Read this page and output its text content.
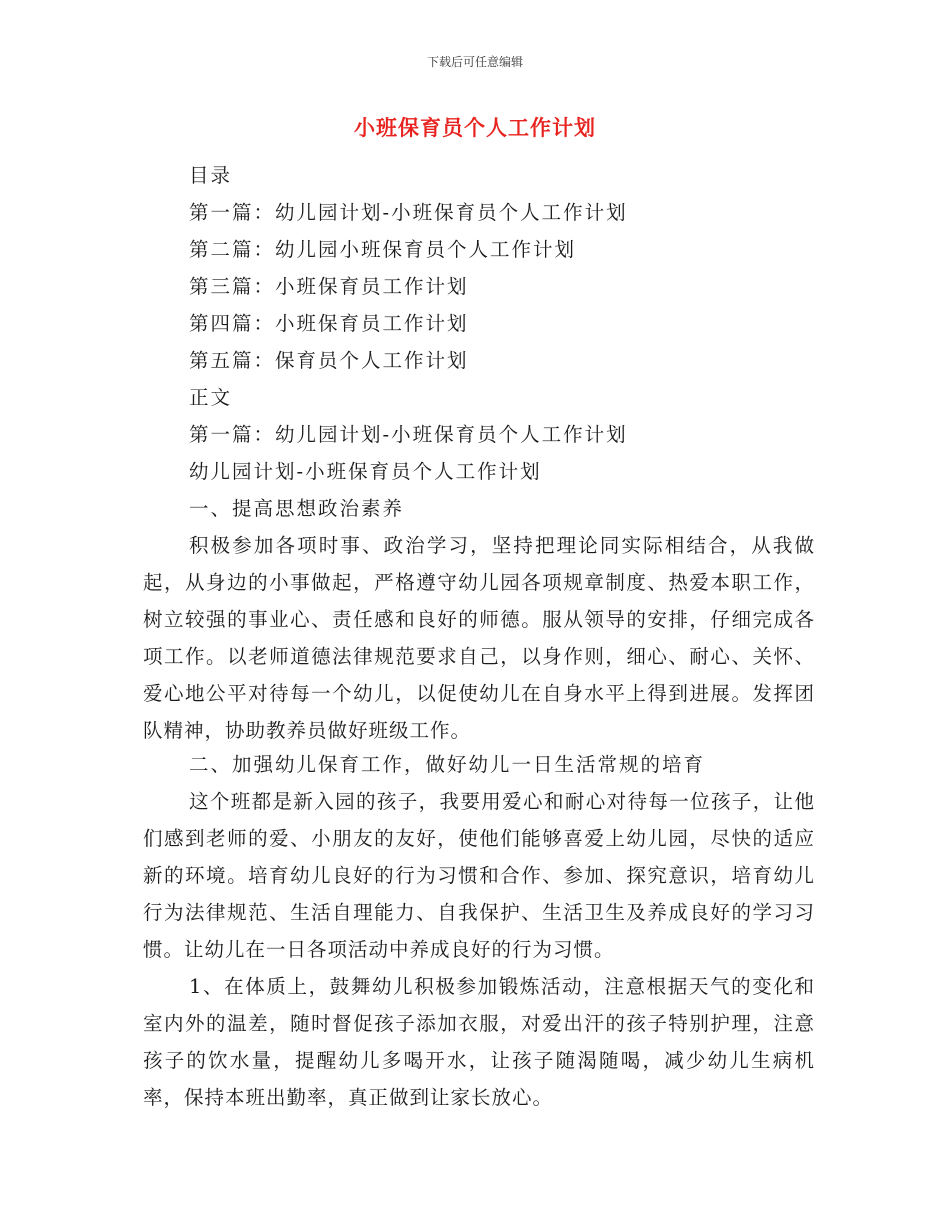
下载后可任意编辑
小班保育员个人工作计划
目录
第一篇：幼儿园计划-小班保育员个人工作计划
第二篇：幼儿园小班保育员个人工作计划
第三篇：小班保育员工作计划
第四篇：小班保育员工作计划
第五篇：保育员个人工作计划
正文
第一篇：幼儿园计划-小班保育员个人工作计划
幼儿园计划-小班保育员个人工作计划
一、提高思想政治素养
积极参加各项时事、政治学习，坚持把理论同实际相结合，从我做起，从身边的小事做起，严格遵守幼儿园各项规章制度、热爱本职工作，树立较强的事业心、责任感和良好的师德。服从领导的安排，仔细完成各项工作。以老师道德法律规范要求自己，以身作则，细心、耐心、关怀、爱心地公平对待每一个幼儿，以促使幼儿在自身水平上得到进展。发挥团队精神，协助教养员做好班级工作。
二、加强幼儿保育工作，做好幼儿一日生活常规的培育
这个班都是新入园的孩子，我要用爱心和耐心对待每一位孩子，让他们感到老师的爱、小朋友的友好，使他们能够喜爱上幼儿园，尽快的适应新的环境。培育幼儿良好的行为习惯和合作、参加、探究意识，培育幼儿行为法律规范、生活自理能力、自我保护、生活卫生及养成良好的学习习惯。让幼儿在一日各项活动中养成良好的行为习惯。
1、在体质上，鼓舞幼儿积极参加锻炼活动，注意根据天气的变化和室内外的温差，随时督促孩子添加衣服，对爱出汗的孩子特别护理，注意孩子的饮水量，提醒幼儿多喝开水，让孩子随渴随喝，减少幼儿生病机率，保持本班出勤率，真正做到让家长放心。
